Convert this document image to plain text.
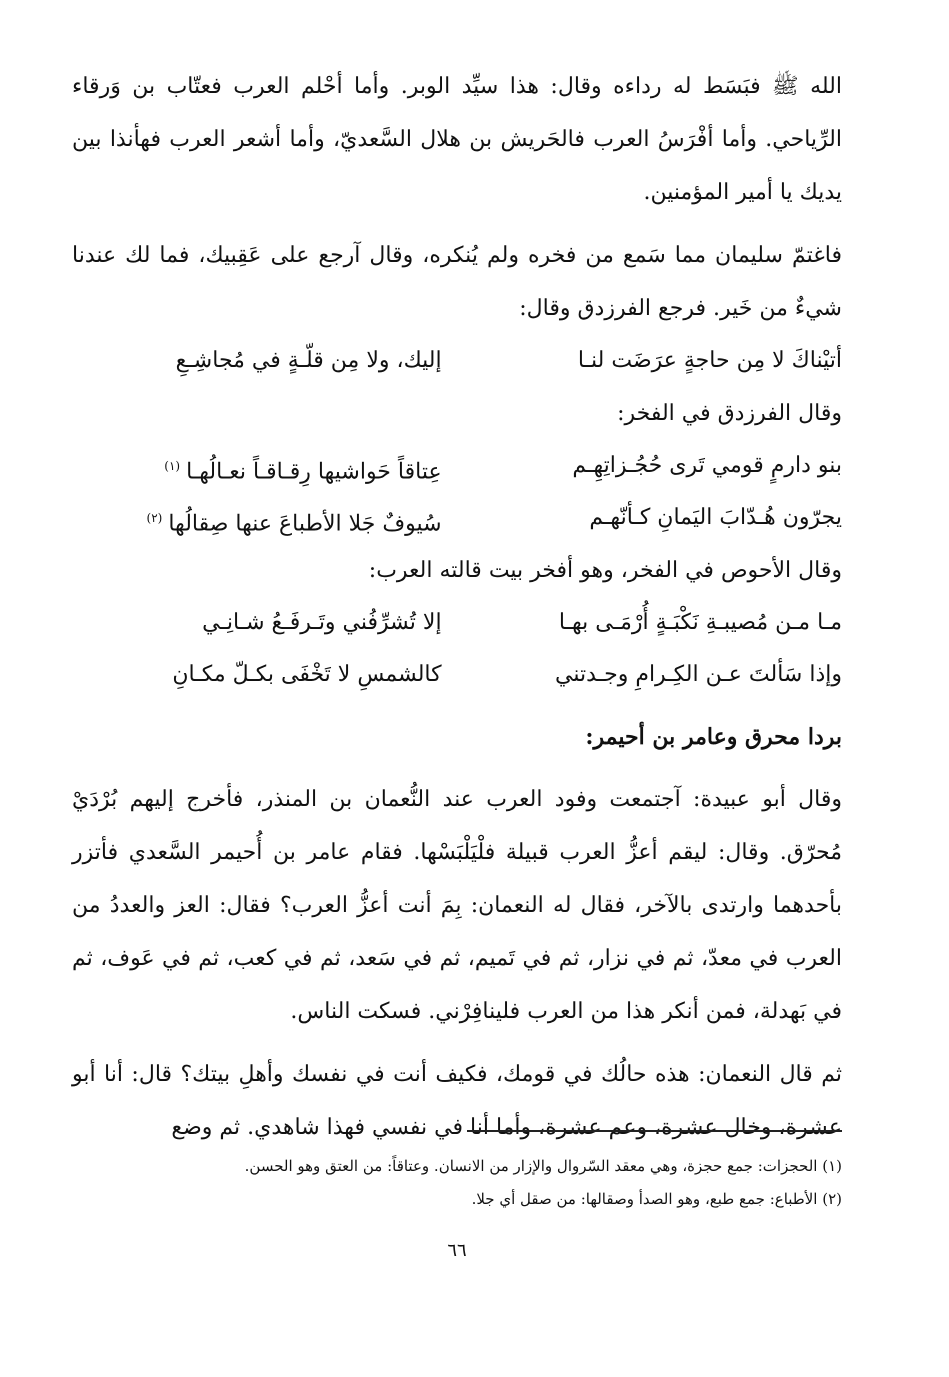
الله ﷺ فبَسَط له رداءه وقال: هذا سيِّد الوبر. وأما أحْلم العرب فعتّاب بن وَرقاء الرِّياحي. وأما أفْرَسُ العرب فالحَريش بن هلال السَّعديّ، وأما أشعر العرب فهأنذا بين يديك يا أمير المؤمنين.

فاغتمّ سليمان مما سَمع من فخره ولم يُنكره، وقال آرجع على عَقِبيك، فما لك عندنا شيءٌ من خَير. فرجع الفرزدق وقال:

أتيْناكَ لا مِن حاجةٍ عرَضَت لنـا
إليك، ولا مِن قلّـةٍ في مُجاشِـعِ

وقال الفرزدق في الفخر:

بنو دارمٍ قومي تَرى حُجُـزاتِهِـم
عِتاقاً حَواشيها رِقـاقـاً نعـالُهـا$^{(١)}$
يجرّون هُـدّابَ اليَمانِ كـأنّهـم
سُيوفٌ جَلا الأطباعَ عنها صِقالُها$^{(٢)}$

وقال الأحوص في الفخر، وهو أفخر بيت قالته العرب:

مـا مـن مُصيبـةِ نَكْبَـةٍ أُرْمَـى بهـا
إلا تُشرِّفُني وتَـرفَـعُ شـانِـي
وإذا سَألتَ عـن الكِـرامِ وجـدتني
كالشمسِ لا تَخْفَى بكـلّ مكـانِ

بردا محرق وعامر بن أحيمر:

وقال أبو عبيدة: آجتمعت وفود العرب عند النُّعمان بن المنذر، فأخرج إليهم بُرْدَيْ مُحرّق. وقال: ليقم أعزُّ العرب قبيلة فلْيَلْبَسْها. فقام عامر بن أُحيمر السَّعدي فأتزر بأحدهما وارتدى بالآخر، فقال له النعمان: بِمَ أنت أعزُّ العرب؟ فقال: العز والعددُ من العرب في معدّ، ثم في نزار، ثم في تَميم، ثم في سَعد، ثم في كعب، ثم في عَوف، ثم في بَهدلة، فمن أنكر هذا من العرب فلينافِرْني. فسكت الناس.

ثم قال النعمان: هذه حالُك في قومك، فكيف أنت في نفسك وأهلِ بيتك؟ قال: أنا أبو عشرة، وخال عشرة، وعم عشرة، وأما أنا في نفسي فهذا شاهدي. ثم وضع

(١) الحجزات: جمع حجزة، وهي معقد السّروال والإزار من الانسان. وعتاقاً: من العتق وهو الحسن.

(٢) الأطباع: جمع طبع، وهو الصدأ وصقالها: من صقل أي جلا.

٦٦
